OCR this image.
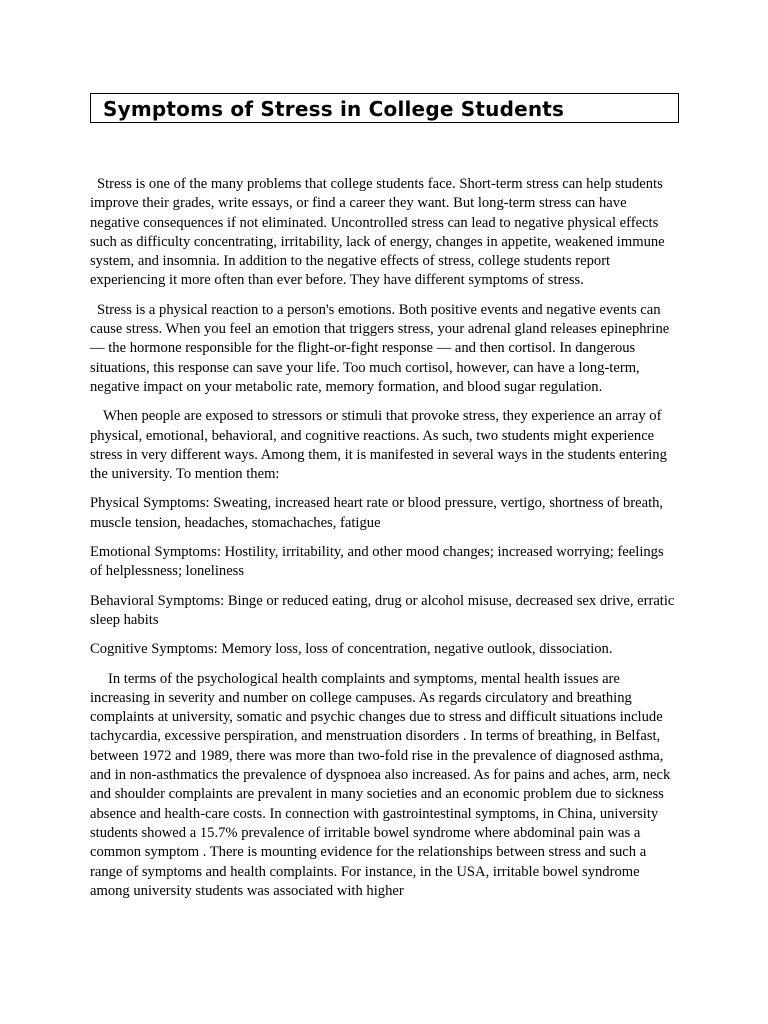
Symptoms of Stress in College Students

Stress is one of the many problems that college students face. Short-term stress can help students improve their grades, write essays, or find a career they want. But long-term stress can have negative consequences if not eliminated. Uncontrolled stress can lead to negative physical effects such as difficulty concentrating, irritability, lack of energy, changes in appetite, weakened immune system, and insomnia. In addition to the negative effects of stress, college students report experiencing it more often than ever before. They have different symptoms of stress.

Stress is a physical reaction to a person's emotions. Both positive events and negative events can cause stress. When you feel an emotion that triggers stress, your adrenal gland releases epinephrine — the hormone responsible for the flight-or-fight response — and then cortisol. In dangerous situations, this response can save your life. Too much cortisol, however, can have a long-term, negative impact on your metabolic rate, memory formation, and blood sugar regulation.

When people are exposed to stressors or stimuli that provoke stress, they experience an array of physical, emotional, behavioral, and cognitive reactions. As such, two students might experience stress in very different ways. Among them, it is manifested in several ways in the students entering the university. To mention them:

Physical Symptoms: Sweating, increased heart rate or blood pressure, vertigo, shortness of breath, muscle tension, headaches, stomachaches, fatigue

Emotional Symptoms: Hostility, irritability, and other mood changes; increased worrying; feelings of helplessness; loneliness

Behavioral Symptoms: Binge or reduced eating, drug or alcohol misuse, decreased sex drive, erratic sleep habits

Cognitive Symptoms: Memory loss, loss of concentration, negative outlook, dissociation.

In terms of the psychological health complaints and symptoms, mental health issues are increasing in severity and number on college campuses. As regards circulatory and breathing complaints at university, somatic and psychic changes due to stress and difficult situations include tachycardia, excessive perspiration, and menstruation disorders . In terms of breathing, in Belfast, between 1972 and 1989, there was more than two-fold rise in the prevalence of diagnosed asthma, and in non-asthmatics the prevalence of dyspnoea also increased. As for pains and aches, arm, neck and shoulder complaints are prevalent in many societies and an economic problem due to sickness absence and health-care costs. In connection with gastrointestinal symptoms, in China, university students showed a 15.7% prevalence of irritable bowel syndrome where abdominal pain was a common symptom . There is mounting evidence for the relationships between stress and such a range of symptoms and health complaints. For instance, in the USA, irritable bowel syndrome among university students was associated with higher
